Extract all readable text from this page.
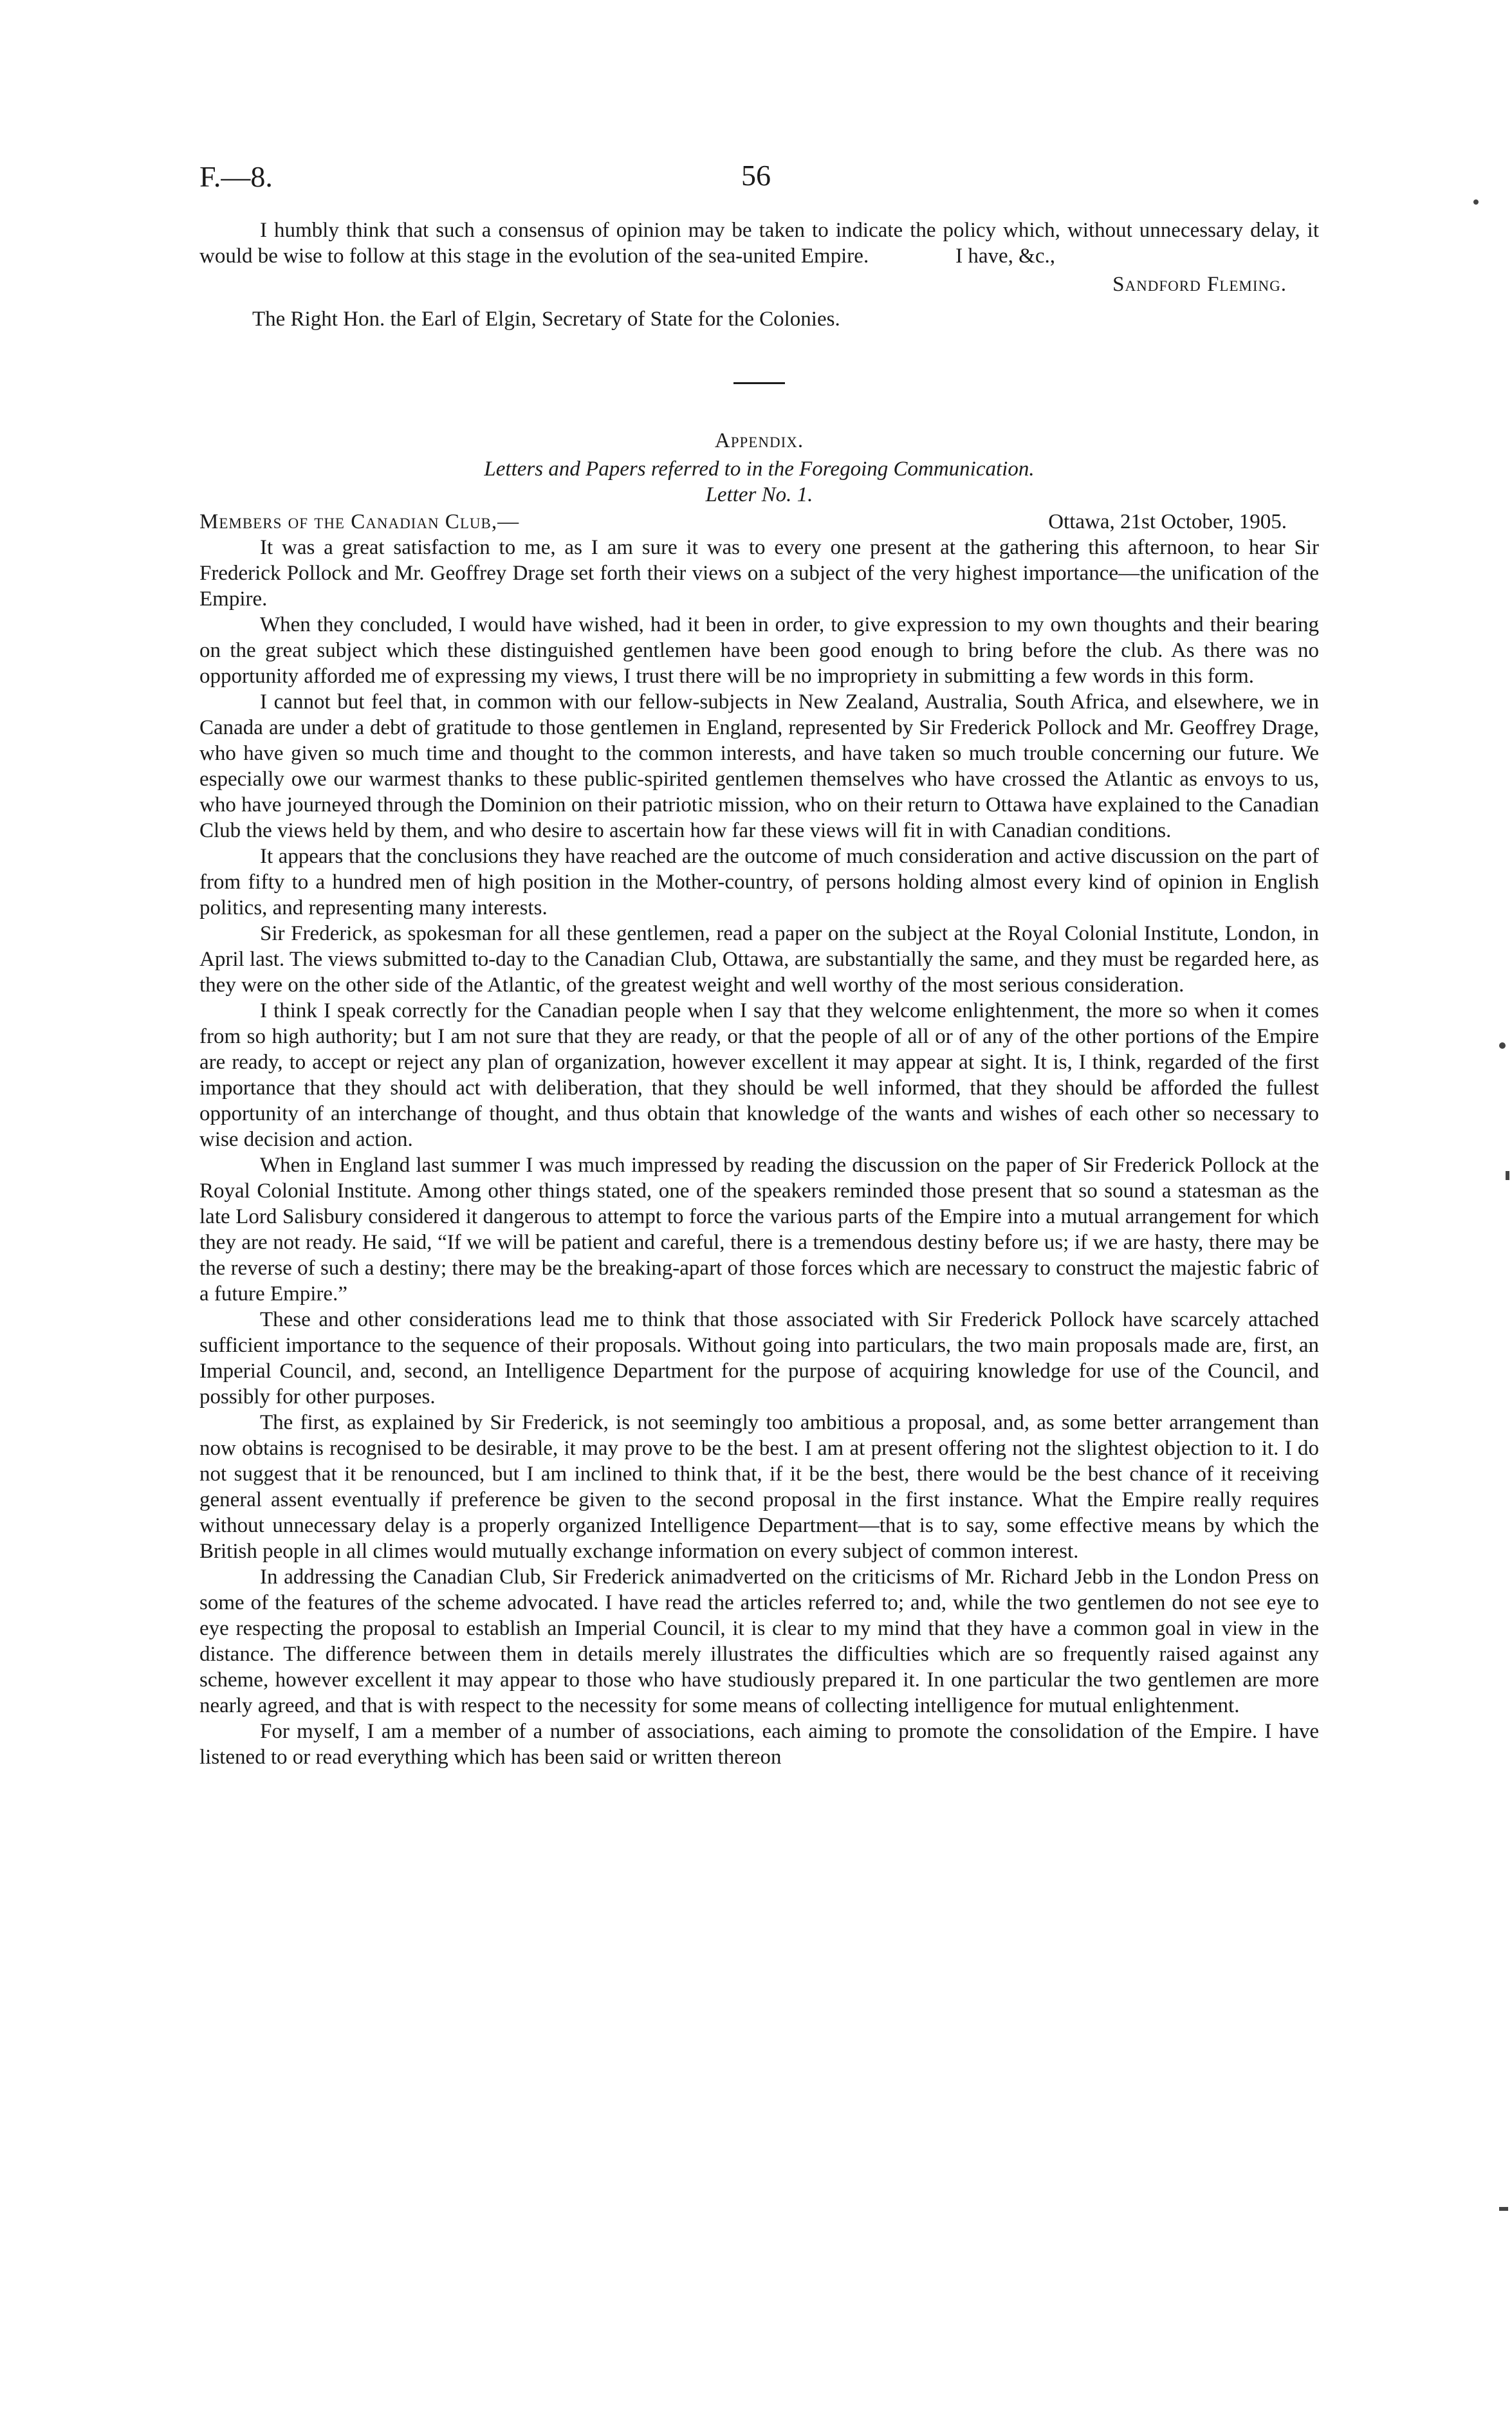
F.—8.	56

I humbly think that such a consensus of opinion may be taken to indicate the policy which, without unnecessary delay, it would be wise to follow at this stage in the evolution of the sea-united Empire.	I have, &c.,
Sandford Fleming.
The Right Hon. the Earl of Elgin, Secretary of State for the Colonies.
Appendix.
Letters and Papers referred to in the Foregoing Communication.
Letter No. 1.
Members of the Canadian Club,—	Ottawa, 21st October, 1905.

It was a great satisfaction to me, as I am sure it was to every one present at the gathering this afternoon, to hear Sir Frederick Pollock and Mr. Geoffrey Drage set forth their views on a subject of the very highest importance—the unification of the Empire.

When they concluded, I would have wished, had it been in order, to give expression to my own thoughts and their bearing on the great subject which these distinguished gentlemen have been good enough to bring before the club. As there was no opportunity afforded me of expressing my views, I trust there will be no impropriety in submitting a few words in this form.

I cannot but feel that, in common with our fellow-subjects in New Zealand, Australia, South Africa, and elsewhere, we in Canada are under a debt of gratitude to those gentlemen in England, represented by Sir Frederick Pollock and Mr. Geoffrey Drage, who have given so much time and thought to the common interests, and have taken so much trouble concerning our future. We especially owe our warmest thanks to these public-spirited gentlemen themselves who have crossed the Atlantic as envoys to us, who have journeyed through the Dominion on their patriotic mission, who on their return to Ottawa have explained to the Canadian Club the views held by them, and who desire to ascertain how far these views will fit in with Canadian conditions.

It appears that the conclusions they have reached are the outcome of much consideration and active discussion on the part of from fifty to a hundred men of high position in the Mother-country, of persons holding almost every kind of opinion in English politics, and representing many interests.

Sir Frederick, as spokesman for all these gentlemen, read a paper on the subject at the Royal Colonial Institute, London, in April last. The views submitted to-day to the Canadian Club, Ottawa, are substantially the same, and they must be regarded here, as they were on the other side of the Atlantic, of the greatest weight and well worthy of the most serious consideration.

I think I speak correctly for the Canadian people when I say that they welcome enlightenment, the more so when it comes from so high authority; but I am not sure that they are ready, or that the people of all or of any of the other portions of the Empire are ready, to accept or reject any plan of organization, however excellent it may appear at sight. It is, I think, regarded of the first importance that they should act with deliberation, that they should be well informed, that they should be afforded the fullest opportunity of an interchange of thought, and thus obtain that knowledge of the wants and wishes of each other so necessary to wise decision and action.

When in England last summer I was much impressed by reading the discussion on the paper of Sir Frederick Pollock at the Royal Colonial Institute. Among other things stated, one of the speakers reminded those present that so sound a statesman as the late Lord Salisbury considered it dangerous to attempt to force the various parts of the Empire into a mutual arrangement for which they are not ready. He said, “If we will be patient and careful, there is a tremendous destiny before us; if we are hasty, there may be the reverse of such a destiny; there may be the breaking-apart of those forces which are necessary to construct the majestic fabric of a future Empire.”

These and other considerations lead me to think that those associated with Sir Frederick Pollock have scarcely attached sufficient importance to the sequence of their proposals. Without going into particulars, the two main proposals made are, first, an Imperial Council, and, second, an Intelligence Department for the purpose of acquiring knowledge for use of the Council, and possibly for other purposes.

The first, as explained by Sir Frederick, is not seemingly too ambitious a proposal, and, as some better arrangement than now obtains is recognised to be desirable, it may prove to be the best. I am at present offering not the slightest objection to it. I do not suggest that it be renounced, but I am inclined to think that, if it be the best, there would be the best chance of it receiving general assent eventually if preference be given to the second proposal in the first instance. What the Empire really requires without unnecessary delay is a properly organized Intelligence Department—that is to say, some effective means by which the British people in all climes would mutually exchange information on every subject of common interest.

In addressing the Canadian Club, Sir Frederick animadverted on the criticisms of Mr. Richard Jebb in the London Press on some of the features of the scheme advocated. I have read the articles referred to; and, while the two gentlemen do not see eye to eye respecting the proposal to establish an Imperial Council, it is clear to my mind that they have a common goal in view in the distance. The difference between them in details merely illustrates the difficulties which are so frequently raised against any scheme, however excellent it may appear to those who have studiously prepared it. In one particular the two gentlemen are more nearly agreed, and that is with respect to the necessity for some means of collecting intelligence for mutual enlightenment.

For myself, I am a member of a number of associations, each aiming to promote the consolidation of the Empire. I have listened to or read everything which has been said or written thereon
